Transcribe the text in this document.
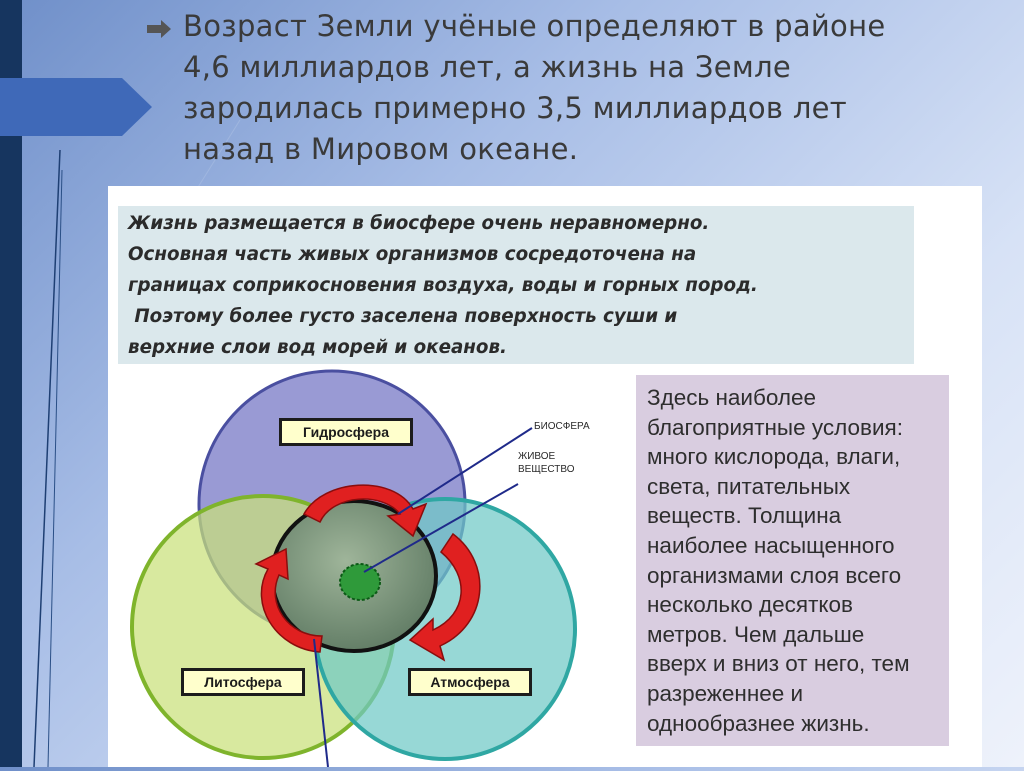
Возраст Земли учёные определяют в районе
4,6 миллиардов лет, а жизнь на Земле
зародилась примерно 3,5 миллиардов лет
назад в Мировом океане.
Жизнь размещается в биосфере очень неравномерно.
Основная часть живых организмов сосредоточена на
границах соприкосновения воздуха, воды и горных пород.
Поэтому более густо заселена поверхность суши и
верхние слои вод морей и океанов.
Гидросфера
Литосфера	Атмосфера
БИОСФЕРА
ЖИВОЕ
ВЕЩЕСТВО
Здесь наиболее
благоприятные условия:
много кислорода, влаги,
света, питательных
веществ. Толщина
наиболее насыщенного
организмами слоя всего
несколько десятков
метров. Чем дальше
вверх и вниз от него, тем
разреженнее и
однообразнее жизнь.
